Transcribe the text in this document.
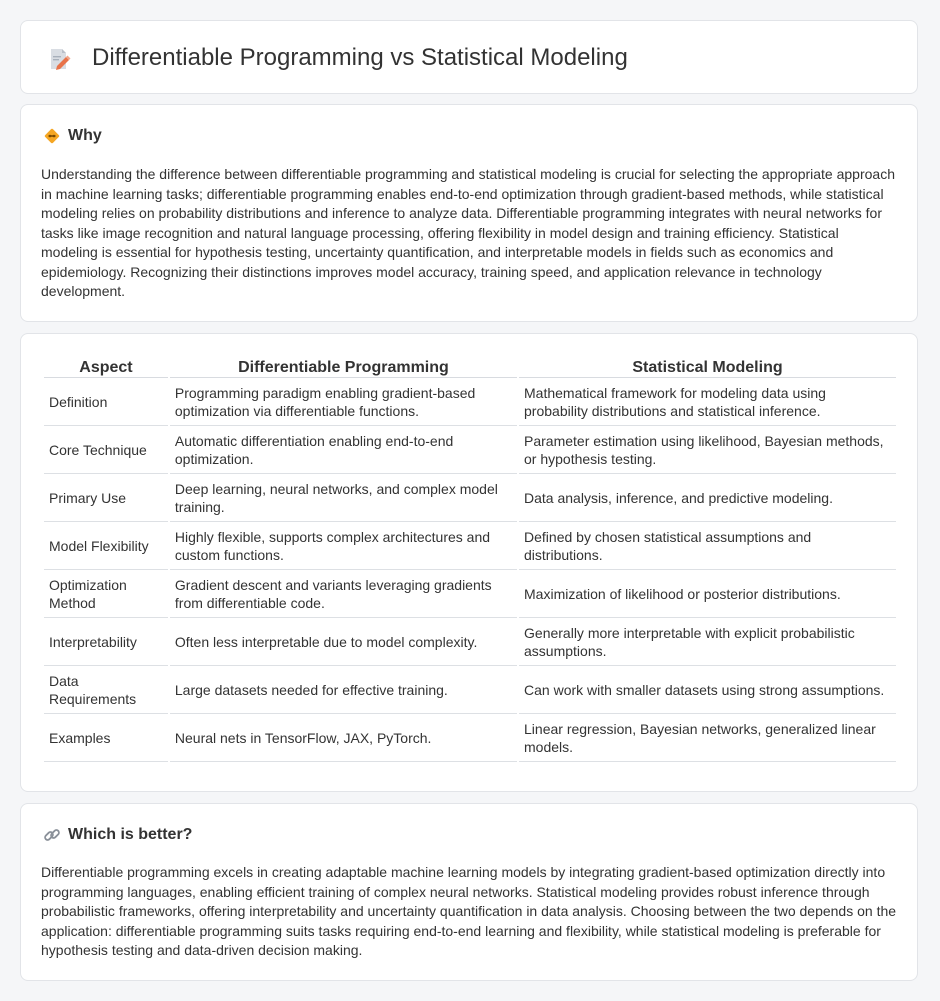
Differentiable Programming vs Statistical Modeling
Why

Understanding the difference between differentiable programming and statistical modeling is crucial for selecting the appropriate approach in machine learning tasks; differentiable programming enables end-to-end optimization through gradient-based methods, while statistical modeling relies on probability distributions and inference to analyze data. Differentiable programming integrates with neural networks for tasks like image recognition and natural language processing, offering flexibility in model design and training efficiency. Statistical modeling is essential for hypothesis testing, uncertainty quantification, and interpretable models in fields such as economics and epidemiology. Recognizing their distinctions improves model accuracy, training speed, and application relevance in technology development.

Aspect	Differentiable Programming	Statistical Modeling
Definition	Programming paradigm enabling gradient-based optimization via differentiable functions.	Mathematical framework for modeling data using probability distributions and statistical inference.
Core Technique	Automatic differentiation enabling end-to-end optimization.	Parameter estimation using likelihood, Bayesian methods, or hypothesis testing.
Primary Use	Deep learning, neural networks, and complex model training.	Data analysis, inference, and predictive modeling.
Model Flexibility	Highly flexible, supports complex architectures and custom functions.	Defined by chosen statistical assumptions and distributions.
Optimization Method	Gradient descent and variants leveraging gradients from differentiable code.	Maximization of likelihood or posterior distributions.
Interpretability	Often less interpretable due to model complexity.	Generally more interpretable with explicit probabilistic assumptions.
Data Requirements	Large datasets needed for effective training.	Can work with smaller datasets using strong assumptions.
Examples	Neural nets in TensorFlow, JAX, PyTorch.	Linear regression, Bayesian networks, generalized linear models.
Which is better?

Differentiable programming excels in creating adaptable machine learning models by integrating gradient-based optimization directly into programming languages, enabling efficient training of complex neural networks. Statistical modeling provides robust inference through probabilistic frameworks, offering interpretability and uncertainty quantification in data analysis. Choosing between the two depends on the application: differentiable programming suits tasks requiring end-to-end learning and flexibility, while statistical modeling is preferable for hypothesis testing and data-driven decision making.
